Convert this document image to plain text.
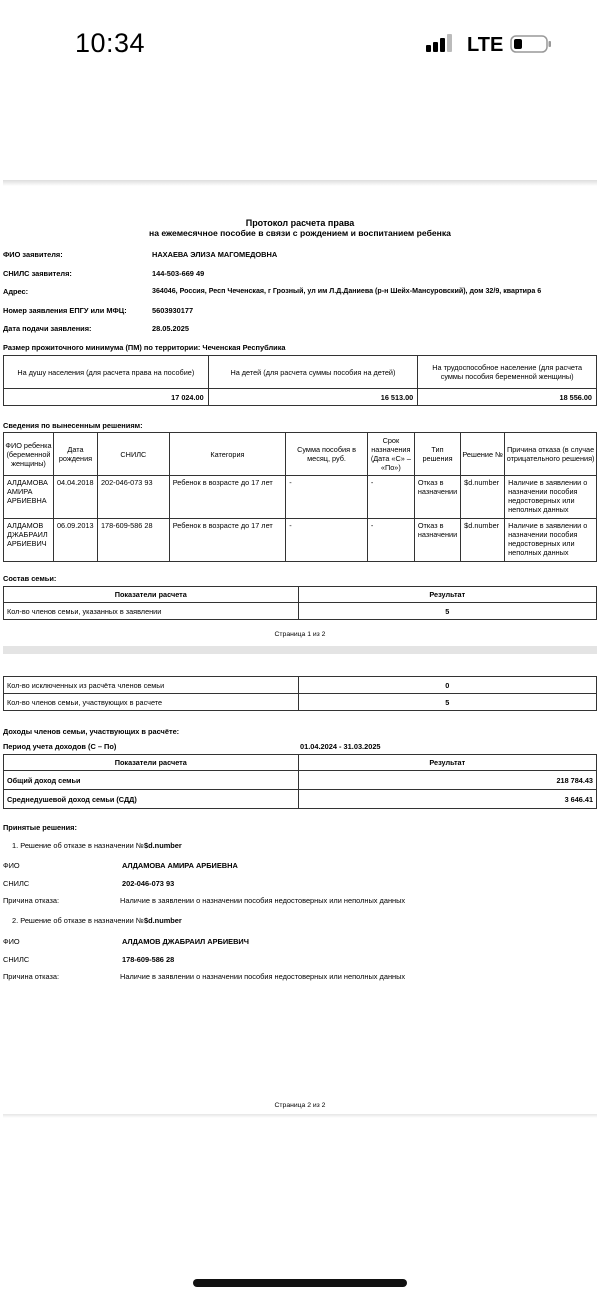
10:34	LTE
Протокол расчета права
на ежемесячное пособие в связи с рождением и воспитанием ребенка
ФИО заявителя:	НАХАЕВА ЭЛИЗА МАГОМЕДОВНА
СНИЛС заявителя:	144-503-669 49
Адрес:	364046, Россия, Респ Чеченская, г Грозный, ул им Л.Д.Даниева (р-н Шейх-Мансуровский), дом 32/9, квартира 6
Номер заявления ЕПГУ или МФЦ:	5603930177
Дата подачи заявления:	28.05.2025
Размер прожиточного минимума (ПМ) по территории: Чеченская Республика
На душу населения (для расчета права на пособие)	На детей (для расчета суммы пособия на детей)	На трудоспособное население (для расчета суммы пособия беременной женщины)
17 024.00	16 513.00	18 556.00
Сведения по вынесенным решениям:
ФИО ребенка (беременной женщины)	Дата рождения	СНИЛС	Категория	Сумма пособия в месяц, руб.	Срок назначения (Дата «С» – «По»)	Тип решения	Решение №	Причина отказа (в случае отрицательного решения)
АЛДАМОВА АМИРА АРБИЕВНА	04.04.2018	202-046-073 93	Ребенок в возрасте до 17 лет	-	-	Отказ в назначении	$d.number	Наличие в заявлении о назначении пособия недостоверных или неполных данных
АЛДАМОВ ДЖАБРАИЛ АРБИЕВИЧ	06.09.2013	178-609-586 28	Ребенок в возрасте до 17 лет	-	-	Отказ в назначении	$d.number	Наличие в заявлении о назначении пособия недостоверных или неполных данных
Состав семьи:
Показатели расчета	Результат
Кол-во членов семьи, указанных в заявлении	5
Страница 1 из 2
Кол-во исключенных из расчёта членов семьи	0
Кол-во членов семьи, участвующих в расчете	5
Доходы членов семьи, участвующих в расчёте:
Период учета доходов (С – По)	01.04.2024 - 31.03.2025
Показатели расчета	Результат
Общий доход семьи	218 784.43
Среднедушевой доход семьи (СДД)	3 646.41
Принятые решения:
1. Решение об отказе в назначении № $d.number
ФИО	АЛДАМОВА АМИРА АРБИЕВНА
СНИЛС	202-046-073 93
Причина отказа:	Наличие в заявлении о назначении пособия недостоверных или неполных данных
2. Решение об отказе в назначении № $d.number
ФИО	АЛДАМОВ ДЖАБРАИЛ АРБИЕВИЧ
СНИЛС	178-609-586 28
Причина отказа:	Наличие в заявлении о назначении пособия недостоверных или неполных данных
Страница 2 из 2
